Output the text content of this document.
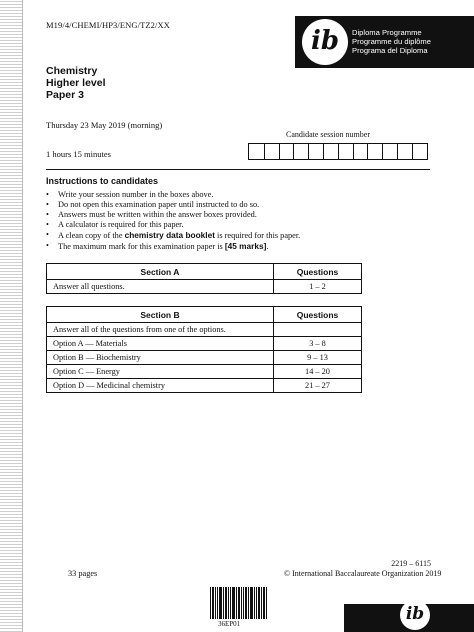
M19/4/CHEMI/HP3/ENG/TZ2/XX
ib	Diploma Programme
Programme du diplôme
Programa del Diploma
Chemistry
Higher level
Paper 3
Thursday 23 May 2019 (morning)
1 hours 15 minutes
Candidate session number
Instructions to candidates
•	Write your session number in the boxes above.
•	Do not open this examination paper until instructed to do so.
•	Answers must be written within the answer boxes provided.
•	A calculator is required for this paper.
•	A clean copy of the chemistry data booklet is required for this paper.
•	The maximum mark for this examination paper is [45 marks].
Section A	Questions
Answer all questions.	1 – 2
Section B	Questions
Answer all of the questions from one of the options.	
Option A — Materials	3 – 8
Option B — Biochemistry	9 – 13
Option C — Energy	14 – 20
Option D — Medicinal chemistry	21 – 27
33 pages
2219 – 6115
© International Baccalaureate Organization 2019
36EP01	ib
